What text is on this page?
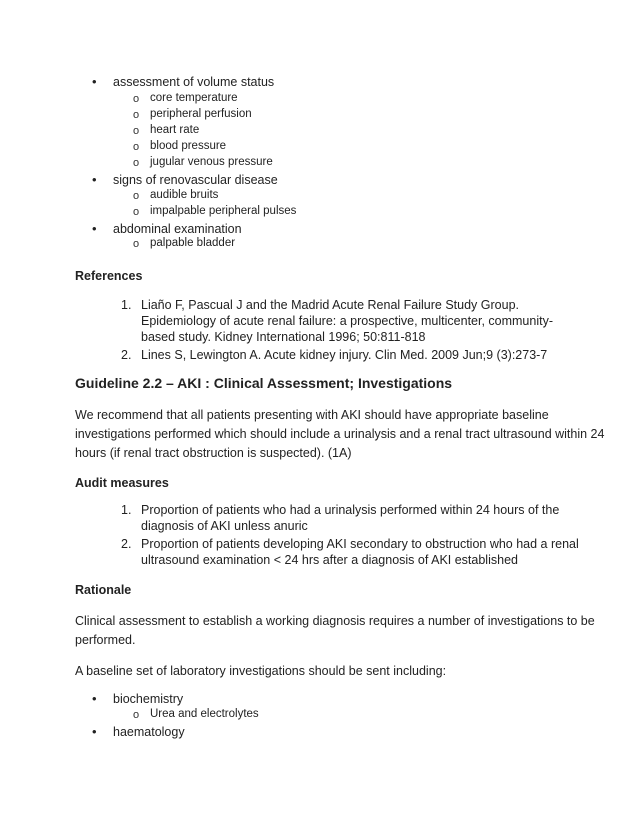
• assessment of volume status
o core temperature
o peripheral perfusion
o heart rate
o blood pressure
o jugular venous pressure
• signs of renovascular disease
o audible bruits
o impalpable peripheral pulses
• abdominal examination
o palpable bladder
References
1. Liaño F, Pascual J and the Madrid Acute Renal Failure Study Group.
Epidemiology of acute renal failure: a prospective, multicenter, community-
based study. Kidney International 1996; 50:811-818
2. Lines S, Lewington A. Acute kidney injury. Clin Med. 2009 Jun;9 (3):273-7
Guideline 2.2 – AKI : Clinical Assessment; Investigations
We recommend that all patients presenting with AKI should have appropriate baseline
investigations performed which should include a urinalysis and a renal tract ultrasound within 24
hours (if renal tract obstruction is suspected). (1A)
Audit measures
1. Proportion of patients who had a urinalysis performed within 24 hours of the
diagnosis of AKI unless anuric
2. Proportion of patients developing AKI secondary to obstruction who had a renal
ultrasound examination < 24 hrs after a diagnosis of AKI established
Rationale
Clinical assessment to establish a working diagnosis requires a number of investigations to be
performed.
A baseline set of laboratory investigations should be sent including:
• biochemistry
o Urea and electrolytes
• haematology
